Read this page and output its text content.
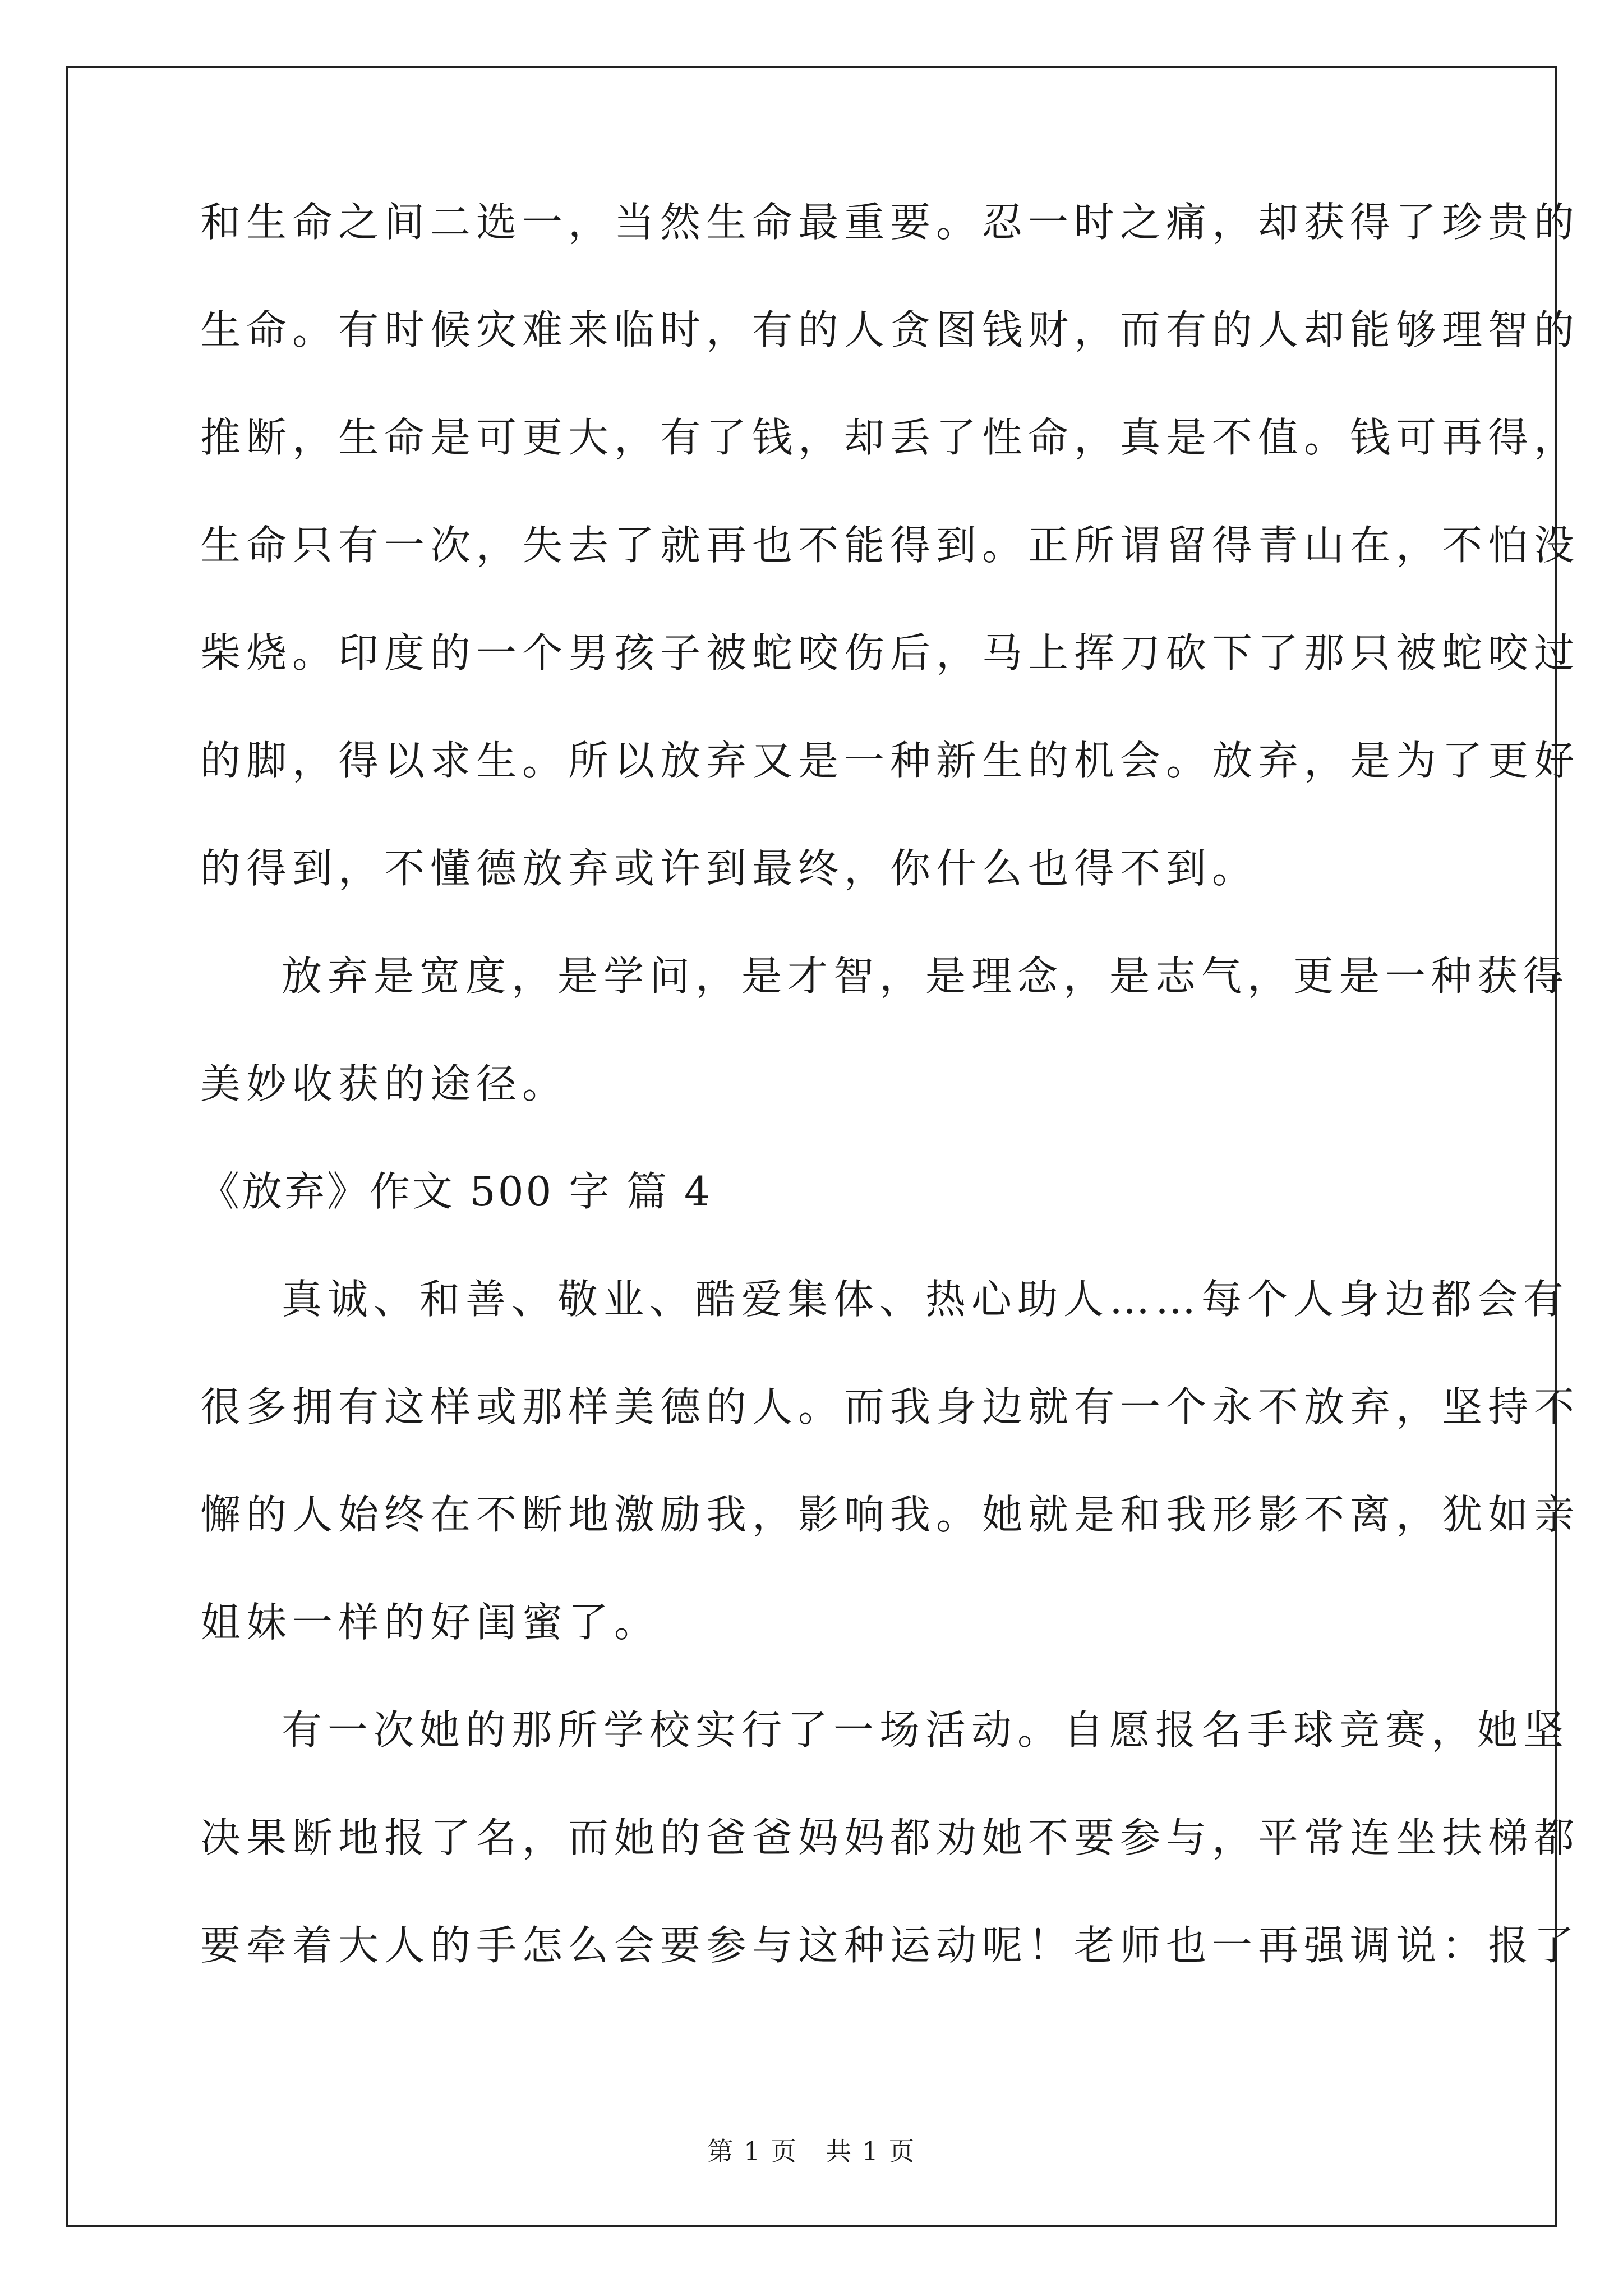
和生命之间二选一，当然生命最重要。忍一时之痛，却获得了珍贵的
生命。有时候灾难来临时，有的人贪图钱财，而有的人却能够理智的
推断，生命是可更大，有了钱，却丢了性命，真是不值。钱可再得，
生命只有一次，失去了就再也不能得到。正所谓留得青山在，不怕没
柴烧。印度的一个男孩子被蛇咬伤后，马上挥刀砍下了那只被蛇咬过
的脚，得以求生。所以放弃又是一种新生的机会。放弃，是为了更好
的得到，不懂德放弃或许到最终，你什么也得不到。
放弃是宽度，是学问，是才智，是理念，是志气，更是一种获得
美妙收获的途径。
《放弃》作文 500 字 篇 4
真诚、和善、敬业、酷爱集体、热心助人……每个人身边都会有
很多拥有这样或那样美德的人。而我身边就有一个永不放弃，坚持不
懈的人始终在不断地激励我，影响我。她就是和我形影不离，犹如亲
姐妹一样的好闺蜜了。
有一次她的那所学校实行了一场活动。自愿报名手球竞赛，她坚
决果断地报了名，而她的爸爸妈妈都劝她不要参与，平常连坐扶梯都
要牵着大人的手怎么会要参与这种运动呢！老师也一再强调说：报了
第 1 页 共 1 页
